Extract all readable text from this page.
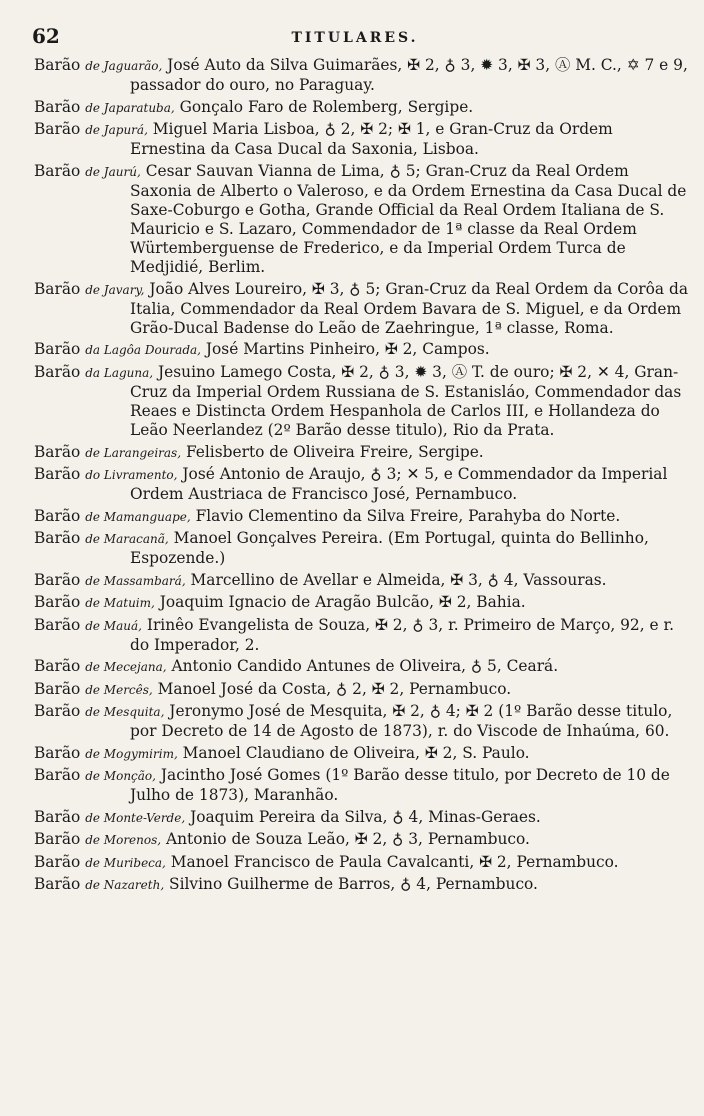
62	TITULARES.

Barão de Jaguarão, José Auto da Silva Guimarães, ✠ 2, ♁ 3, ✹ 3, ✠ 3, Ⓐ M. C., ✡ 7 e 9, passador do ouro, no Paraguay.

Barão de Japaratuba, Gonçalo Faro de Rolemberg, Sergipe.

Barão de Japurá, Miguel Maria Lisboa, ♁ 2, ✠ 2; ✠ 1, e Gran-Cruz da Ordem Ernestina da Casa Ducal da Saxonia, Lisboa.

Barão de Jaurú, Cesar Sauvan Vianna de Lima, ♁ 5; Gran-Cruz da Real Ordem Saxonia de Alberto o Valeroso, e da Ordem Ernestina da Casa Ducal de Saxe-Coburgo e Gotha, Grande Official da Real Ordem Italiana de S. Mauricio e S. Lazaro, Commendador de 1ª classe da Real Ordem Würtemberguense de Frederico, e da Imperial Ordem Turca de Medjidié, Berlim.

Barão de Javary, João Alves Loureiro, ✠ 3, ♁ 5; Gran-Cruz da Real Ordem da Corôa da Italia, Commendador da Real Ordem Bavara de S. Miguel, e da Ordem Grão-Ducal Badense do Leão de Zaehringue, 1ª classe, Roma.

Barão da Lagôa Dourada, José Martins Pinheiro, ✠ 2, Campos.

Barão da Laguna, Jesuino Lamego Costa, ✠ 2, ♁ 3, ✹ 3, Ⓐ T. de ouro; ✠ 2, ✕ 4, Gran-Cruz da Imperial Ordem Russiana de S. Estanisláo, Commendador das Reaes e Distincta Ordem Hespanhola de Carlos III, e Hollandeza do Leão Neerlandez (2º Barão desse titulo), Rio da Prata.

Barão de Larangeiras, Felisberto de Oliveira Freire, Sergipe.

Barão do Livramento, José Antonio de Araujo, ♁ 3; ✕ 5, e Commendador da Imperial Ordem Austriaca de Francisco José, Pernambuco.

Barão de Mamanguape, Flavio Clementino da Silva Freire, Parahyba do Norte.

Barão de Maracanã, Manoel Gonçalves Pereira. (Em Portugal, quinta do Bellinho, Espozende.)

Barão de Massambará, Marcellino de Avellar e Almeida, ✠ 3, ♁ 4, Vassouras.

Barão de Matuim, Joaquim Ignacio de Aragão Bulcão, ✠ 2, Bahia.

Barão de Mauá, Irinêo Evangelista de Souza, ✠ 2, ♁ 3, r. Primeiro de Março, 92, e r. do Imperador, 2.

Barão de Mecejana, Antonio Candido Antunes de Oliveira, ♁ 5, Ceará.

Barão de Mercês, Manoel José da Costa, ♁ 2, ✠ 2, Pernambuco.

Barão de Mesquita, Jeronymo José de Mesquita, ✠ 2, ♁ 4; ✠ 2 (1º Barão desse titulo, por Decreto de 14 de Agosto de 1873), r. do Viscode de Inhaúma, 60.

Barão de Mogymirim, Manoel Claudiano de Oliveira, ✠ 2, S. Paulo.

Barão de Monção, Jacintho José Gomes (1º Barão desse titulo, por Decreto de 10 de Julho de 1873), Maranhão.

Barão de Monte-Verde, Joaquim Pereira da Silva, ♁ 4, Minas-Geraes.

Barão de Morenos, Antonio de Souza Leão, ✠ 2, ♁ 3, Pernambuco.

Barão de Muribeca, Manoel Francisco de Paula Cavalcanti, ✠ 2, Pernambuco.

Barão de Nazareth, Silvino Guilherme de Barros, ♁ 4, Pernambuco.
